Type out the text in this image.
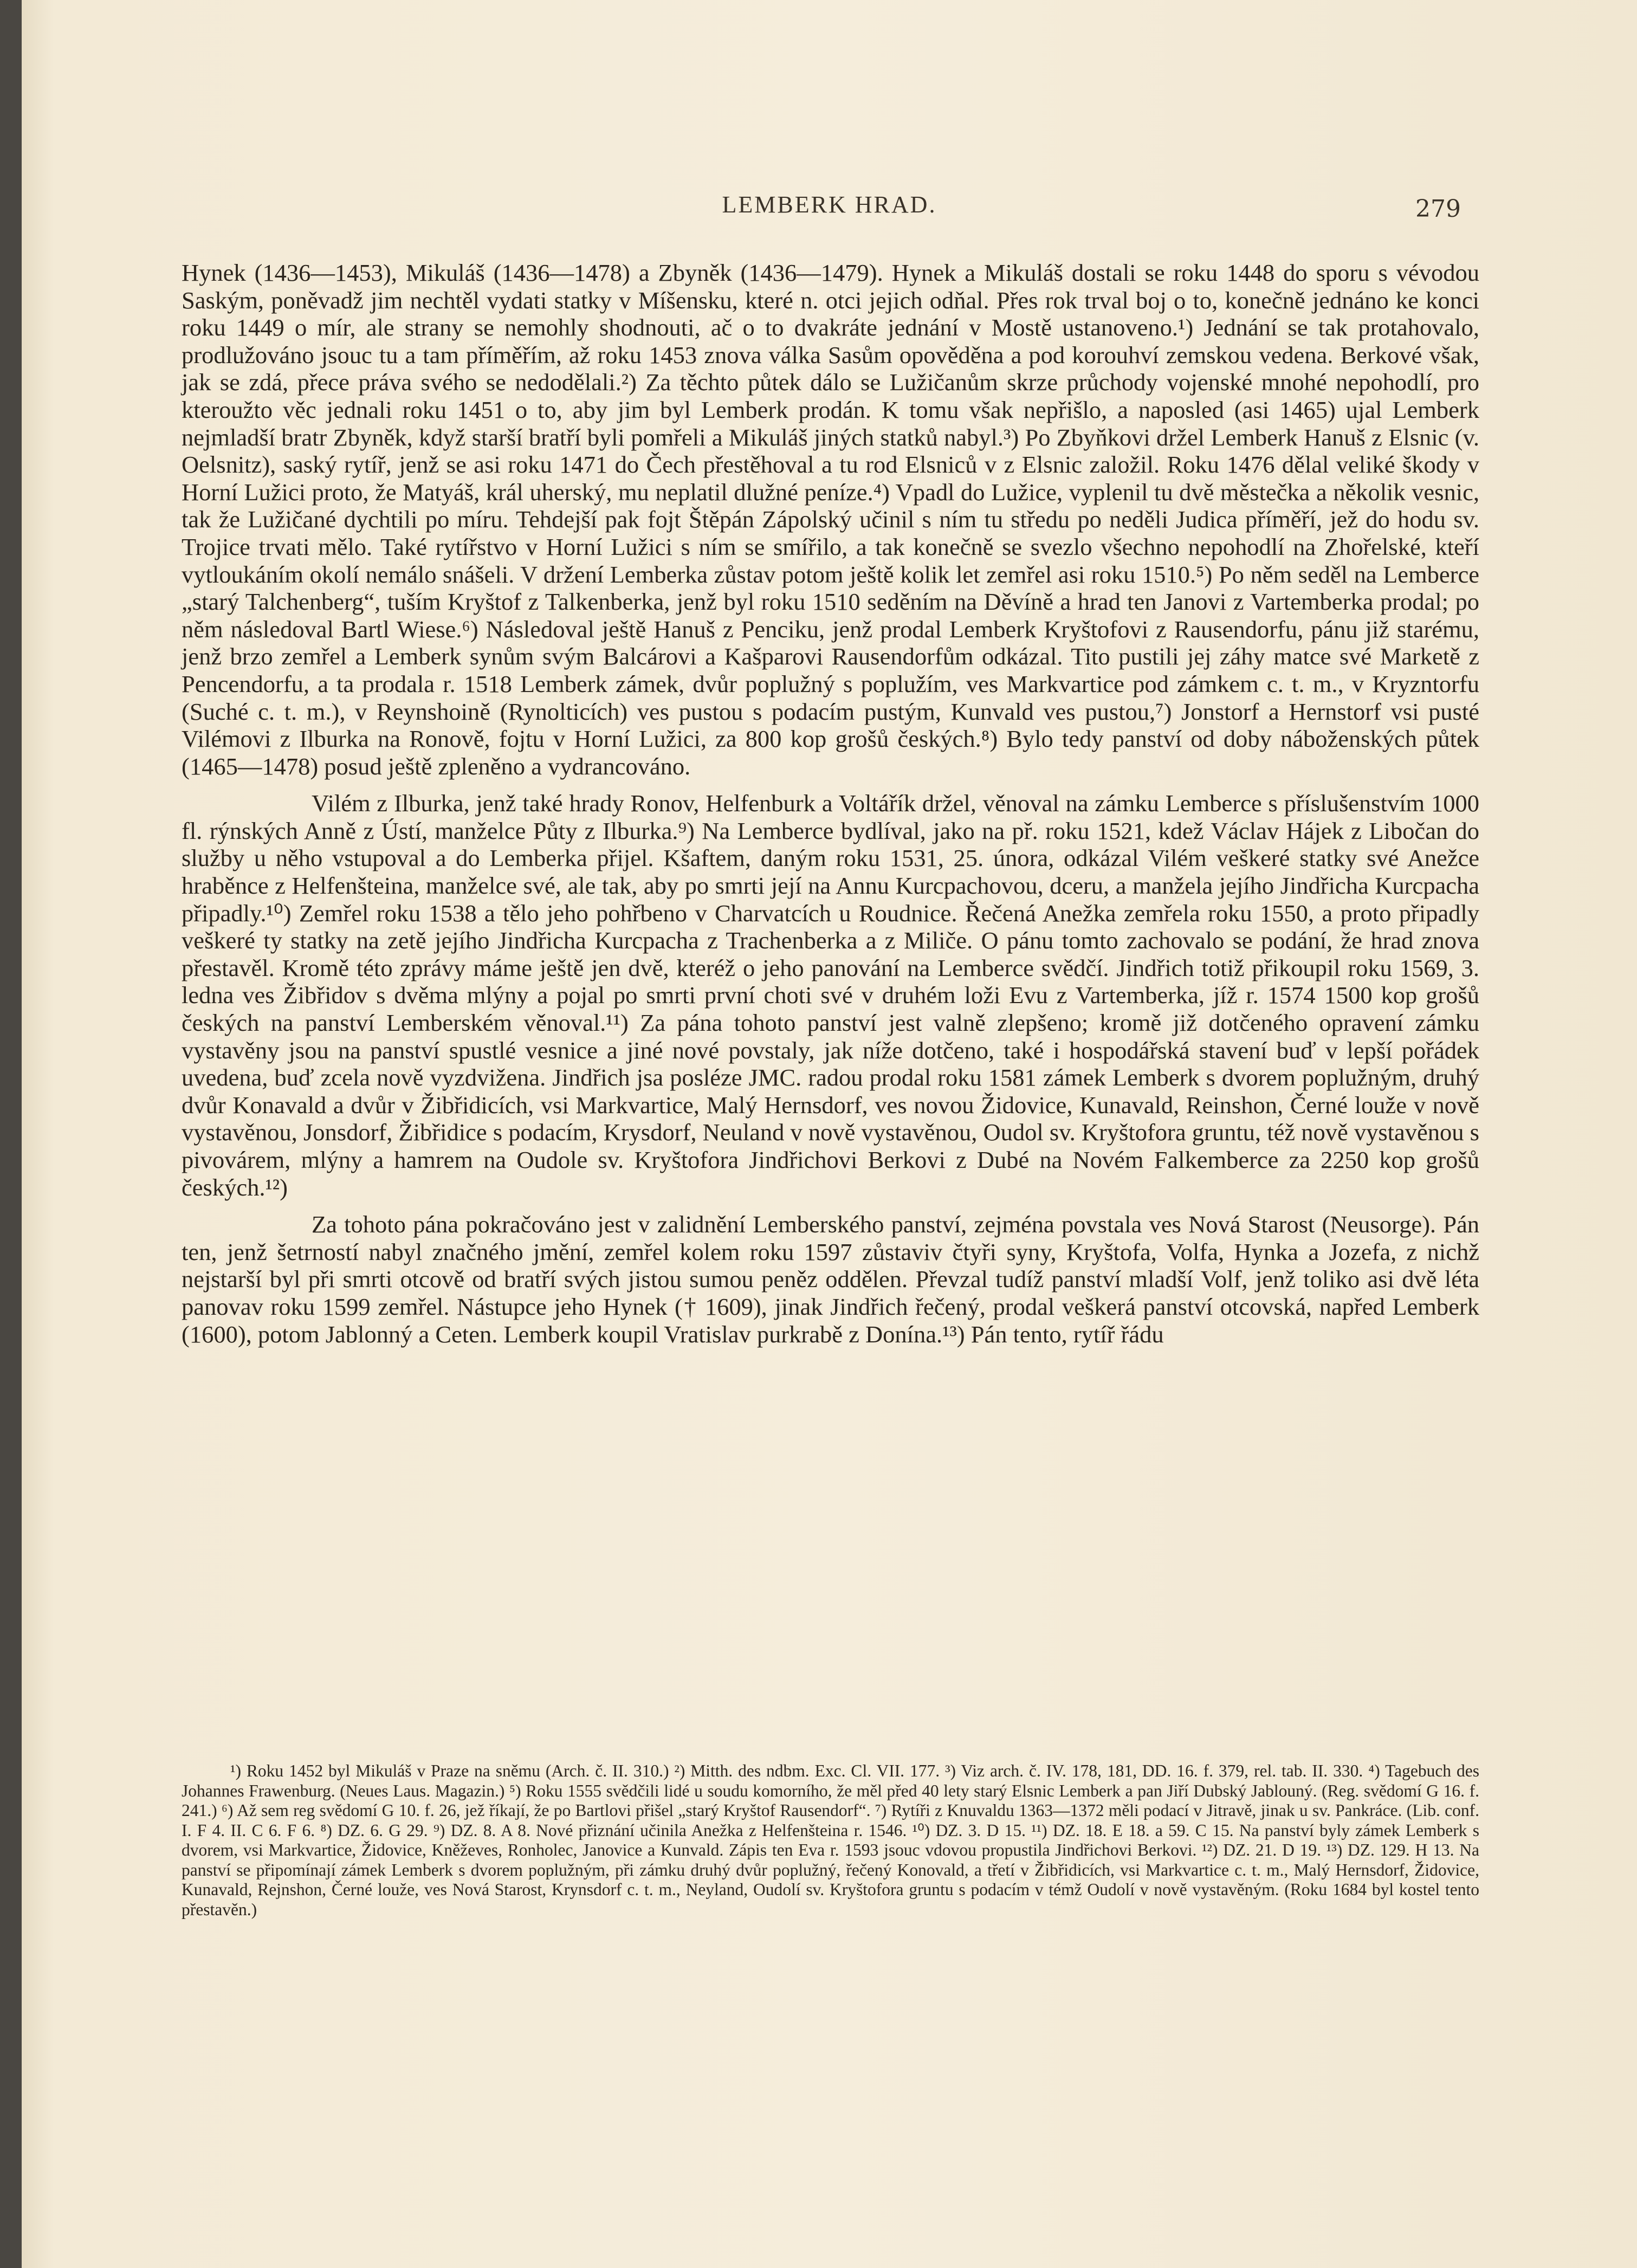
LEMBERK HRAD.	279

Hynek (1436—1453), Mikuláš (1436—1478) a Zbyněk (1436—1479). Hynek a Mikuláš dostali se roku 1448 do sporu s vévodou Saským, poněvadž jim nechtěl vydati statky v Míšensku, které n. otci jejich odňal. Přes rok trval boj o to, konečně jednáno ke konci roku 1449 o mír, ale strany se nemohly shodnouti, ač o to dvakráte jednání v Mostě ustanoveno.¹) Jednání se tak protahovalo, prodlužováno jsouc tu a tam příměřím, až roku 1453 znova válka Sasům opověděna a pod korouhví zemskou vedena. Berkové však, jak se zdá, přece práva svého se nedodělali.²) Za těchto půtek dálo se Lužičanům skrze průchody vojenské mnohé nepohodlí, pro kteroužto věc jednali roku 1451 o to, aby jim byl Lemberk prodán. K tomu však nepřišlo, a naposled (asi 1465) ujal Lemberk nejmladší bratr Zbyněk, když starší bratří byli pomřeli a Mikuláš jiných statků nabyl.³) Po Zbyňkovi držel Lemberk Hanuš z Elsnic (v. Oelsnitz), saský rytíř, jenž se asi roku 1471 do Čech přestěhoval a tu rod Elsniců v z Elsnic založil. Roku 1476 dělal veliké škody v Horní Lužici proto, že Matyáš, král uherský, mu neplatil dlužné peníze.⁴) Vpadl do Lužice, vyplenil tu dvě městečka a několik vesnic, tak že Lužičané dychtili po míru. Tehdejší pak fojt Štěpán Zápolský učinil s ním tu středu po neděli Judica příměří, jež do hodu sv. Trojice trvati mělo. Také rytířstvo v Horní Lužici s ním se smířilo, a tak konečně se svezlo všechno nepohodlí na Zhořelské, kteří vytloukáním okolí nemálo snášeli. V držení Lemberka zůstav potom ještě kolik let zemřel asi roku 1510.⁵) Po něm seděl na Lemberce „starý Talchenberg“, tuším Kryštof z Talkenberka, jenž byl roku 1510 seděním na Děvíně a hrad ten Janovi z Vartemberka prodal; po něm následoval Bartl Wiese.⁶) Následoval ještě Hanuš z Penciku, jenž prodal Lemberk Kryštofovi z Rausendorfu, pánu již starému, jenž brzo zemřel a Lemberk synům svým Balcárovi a Kašparovi Rausendorfům odkázal. Tito pustili jej záhy matce své Marketě z Pencendorfu, a ta prodala r. 1518 Lemberk zámek, dvůr poplužný s poplužím, ves Markvartice pod zámkem c. t. m., v Kryzntorfu (Suché c. t. m.), v Reynshoině (Rynolticích) ves pustou s podacím pustým, Kunvald ves pustou,⁷) Jonstorf a Hernstorf vsi pusté Vilémovi z Ilburka na Ronově, fojtu v Horní Lužici, za 800 kop grošů českých.⁸) Bylo tedy panství od doby náboženských půtek (1465—1478) posud ještě zpleněno a vydrancováno.

Vilém z Ilburka, jenž také hrady Ronov, Helfenburk a Voltářík držel, věnoval na zámku Lemberce s příslušenstvím 1000 fl. rýnských Anně z Ústí, manželce Půty z Ilburka.⁹) Na Lemberce bydlíval, jako na př. roku 1521, kdež Václav Hájek z Libočan do služby u něho vstupoval a do Lemberka přijel. Kšaftem, daným roku 1531, 25. února, odkázal Vilém veškeré statky své Anežce hraběnce z Helfenšteina, manželce své, ale tak, aby po smrti její na Annu Kurcpachovou, dceru, a manžela jejího Jindřicha Kurcpacha připadly.¹⁰) Zemřel roku 1538 a tělo jeho pohřbeno v Charvatcích u Roudnice. Řečená Anežka zemřela roku 1550, a proto připadly veškeré ty statky na zetě jejího Jindřicha Kurcpacha z Trachenberka a z Miliče. O pánu tomto zachovalo se podání, že hrad znova přestavěl. Kromě této zprávy máme ještě jen dvě, kteréž o jeho panování na Lemberce svědčí. Jindřich totiž přikoupil roku 1569, 3. ledna ves Žibřidov s dvěma mlýny a pojal po smrti první choti své v druhém loži Evu z Vartemberka, jíž r. 1574 1500 kop grošů českých na panství Lemberském věnoval.¹¹) Za pána tohoto panství jest valně zlepšeno; kromě již dotčeného opravení zámku vystavěny jsou na panství spustlé vesnice a jiné nové povstaly, jak níže dotčeno, také i hospodářská stavení buď v lepší pořádek uvedena, buď zcela nově vyzdvižena. Jindřich jsa posléze JMC. radou prodal roku 1581 zámek Lemberk s dvorem poplužným, druhý dvůr Konavald a dvůr v Žibřidicích, vsi Markvartice, Malý Hernsdorf, ves novou Židovice, Kunavald, Reinshon, Černé louže v nově vystavěnou, Jonsdorf, Žibřidice s podacím, Krysdorf, Neuland v nově vystavěnou, Oudol sv. Kryštofora gruntu, též nově vystavěnou s pivovárem, mlýny a hamrem na Oudole sv. Kryštofora Jindřichovi Berkovi z Dubé na Novém Falkemberce za 2250 kop grošů českých.¹²)

Za tohoto pána pokračováno jest v zalidnění Lemberského panství, zejména povstala ves Nová Starost (Neusorge). Pán ten, jenž šetrností nabyl značného jmění, zemřel kolem roku 1597 zůstaviv čtyři syny, Kryštofa, Volfa, Hynka a Jozefa, z nichž nejstarší byl při smrti otcově od bratří svých jistou sumou peněz oddělen. Převzal tudíž panství mladší Volf, jenž toliko asi dvě léta panovav roku 1599 zemřel. Nástupce jeho Hynek († 1609), jinak Jindřich řečený, prodal veškerá panství otcovská, napřed Lemberk (1600), potom Jablonný a Ceten. Lemberk koupil Vratislav purkrabě z Donína.¹³) Pán tento, rytíř řádu

¹) Roku 1452 byl Mikuláš v Praze na sněmu (Arch. č. II. 310.) ²) Mitth. des ndbm. Exc. Cl. VII. 177. ³) Viz arch. č. IV. 178, 181, DD. 16. f. 379, rel. tab. II. 330. ⁴) Tagebuch des Johannes Frawenburg. (Neues Laus. Magazin.) ⁵) Roku 1555 svědčili lidé u soudu komorního, že měl před 40 lety starý Elsnic Lemberk a pan Jiří Dubský Jablouný. (Reg. svědomí G 16. f. 241.) ⁶) Až sem reg svědomí G 10. f. 26, jež říkají, že po Bartlovi přišel „starý Kryštof Rausendorf“. ⁷) Rytíři z Knuvaldu 1363—1372 měli podací v Jitravě, jinak u sv. Pankráce. (Lib. conf. I. F 4. II. C 6. F 6. ⁸) DZ. 6. G 29. ⁹) DZ. 8. A 8. Nové přiznání učinila Anežka z Helfenšteina r. 1546. ¹⁰) DZ. 3. D 15. ¹¹) DZ. 18. E 18. a 59. C 15. Na panství byly zámek Lemberk s dvorem, vsi Markvartice, Židovice, Kněževes, Ronholec, Janovice a Kunvald. Zápis ten Eva r. 1593 jsouc vdovou propustila Jindřichovi Berkovi. ¹²) DZ. 21. D 19. ¹³) DZ. 129. H 13. Na panství se připomínají zámek Lemberk s dvorem poplužným, při zámku druhý dvůr poplužný, řečený Konovald, a třetí v Žibřidicích, vsi Markvartice c. t. m., Malý Hernsdorf, Židovice, Kunavald, Rejnshon, Černé louže, ves Nová Starost, Krynsdorf c. t. m., Neyland, Oudolí sv. Kryštofora gruntu s podacím v témž Oudolí v nově vystavěným. (Roku 1684 byl kostel tento přestavěn.)
